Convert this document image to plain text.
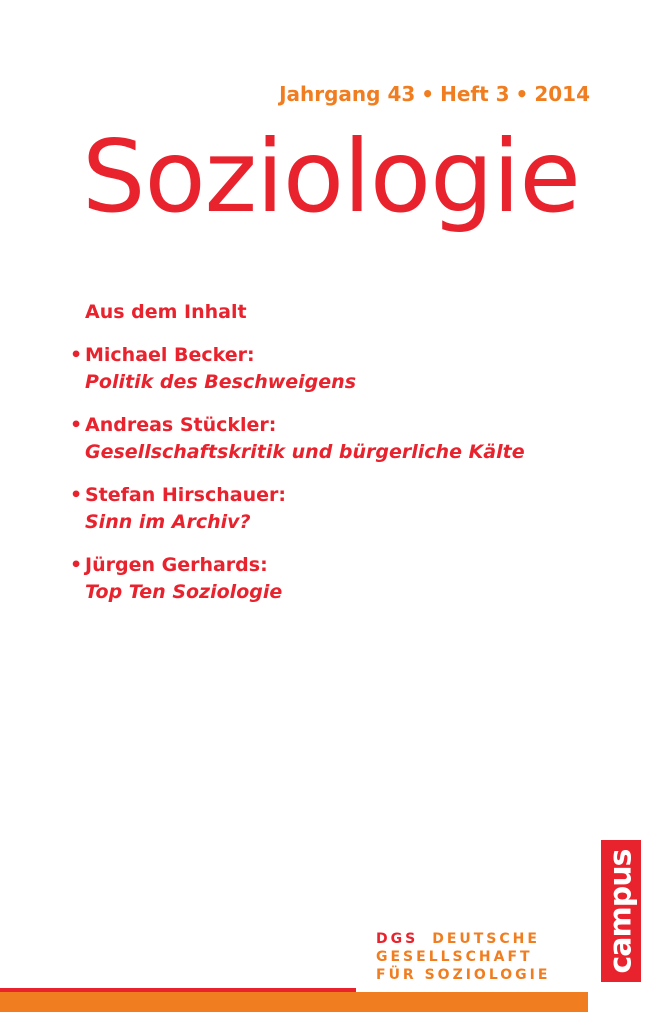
Jahrgang 43 • Heft 3 • 2014
Soziologie
Aus dem Inhalt
• Michael Becker:
Politik des Beschweigens
• Andreas Stückler:
Gesellschaftskritik und bürgerliche Kälte
• Stefan Hirschauer:
Sinn im Archiv?
• Jürgen Gerhards:
Top Ten Soziologie
DGS DEUTSCHE
GESELLSCHAFT
FÜR SOZIOLOGIE
campus
